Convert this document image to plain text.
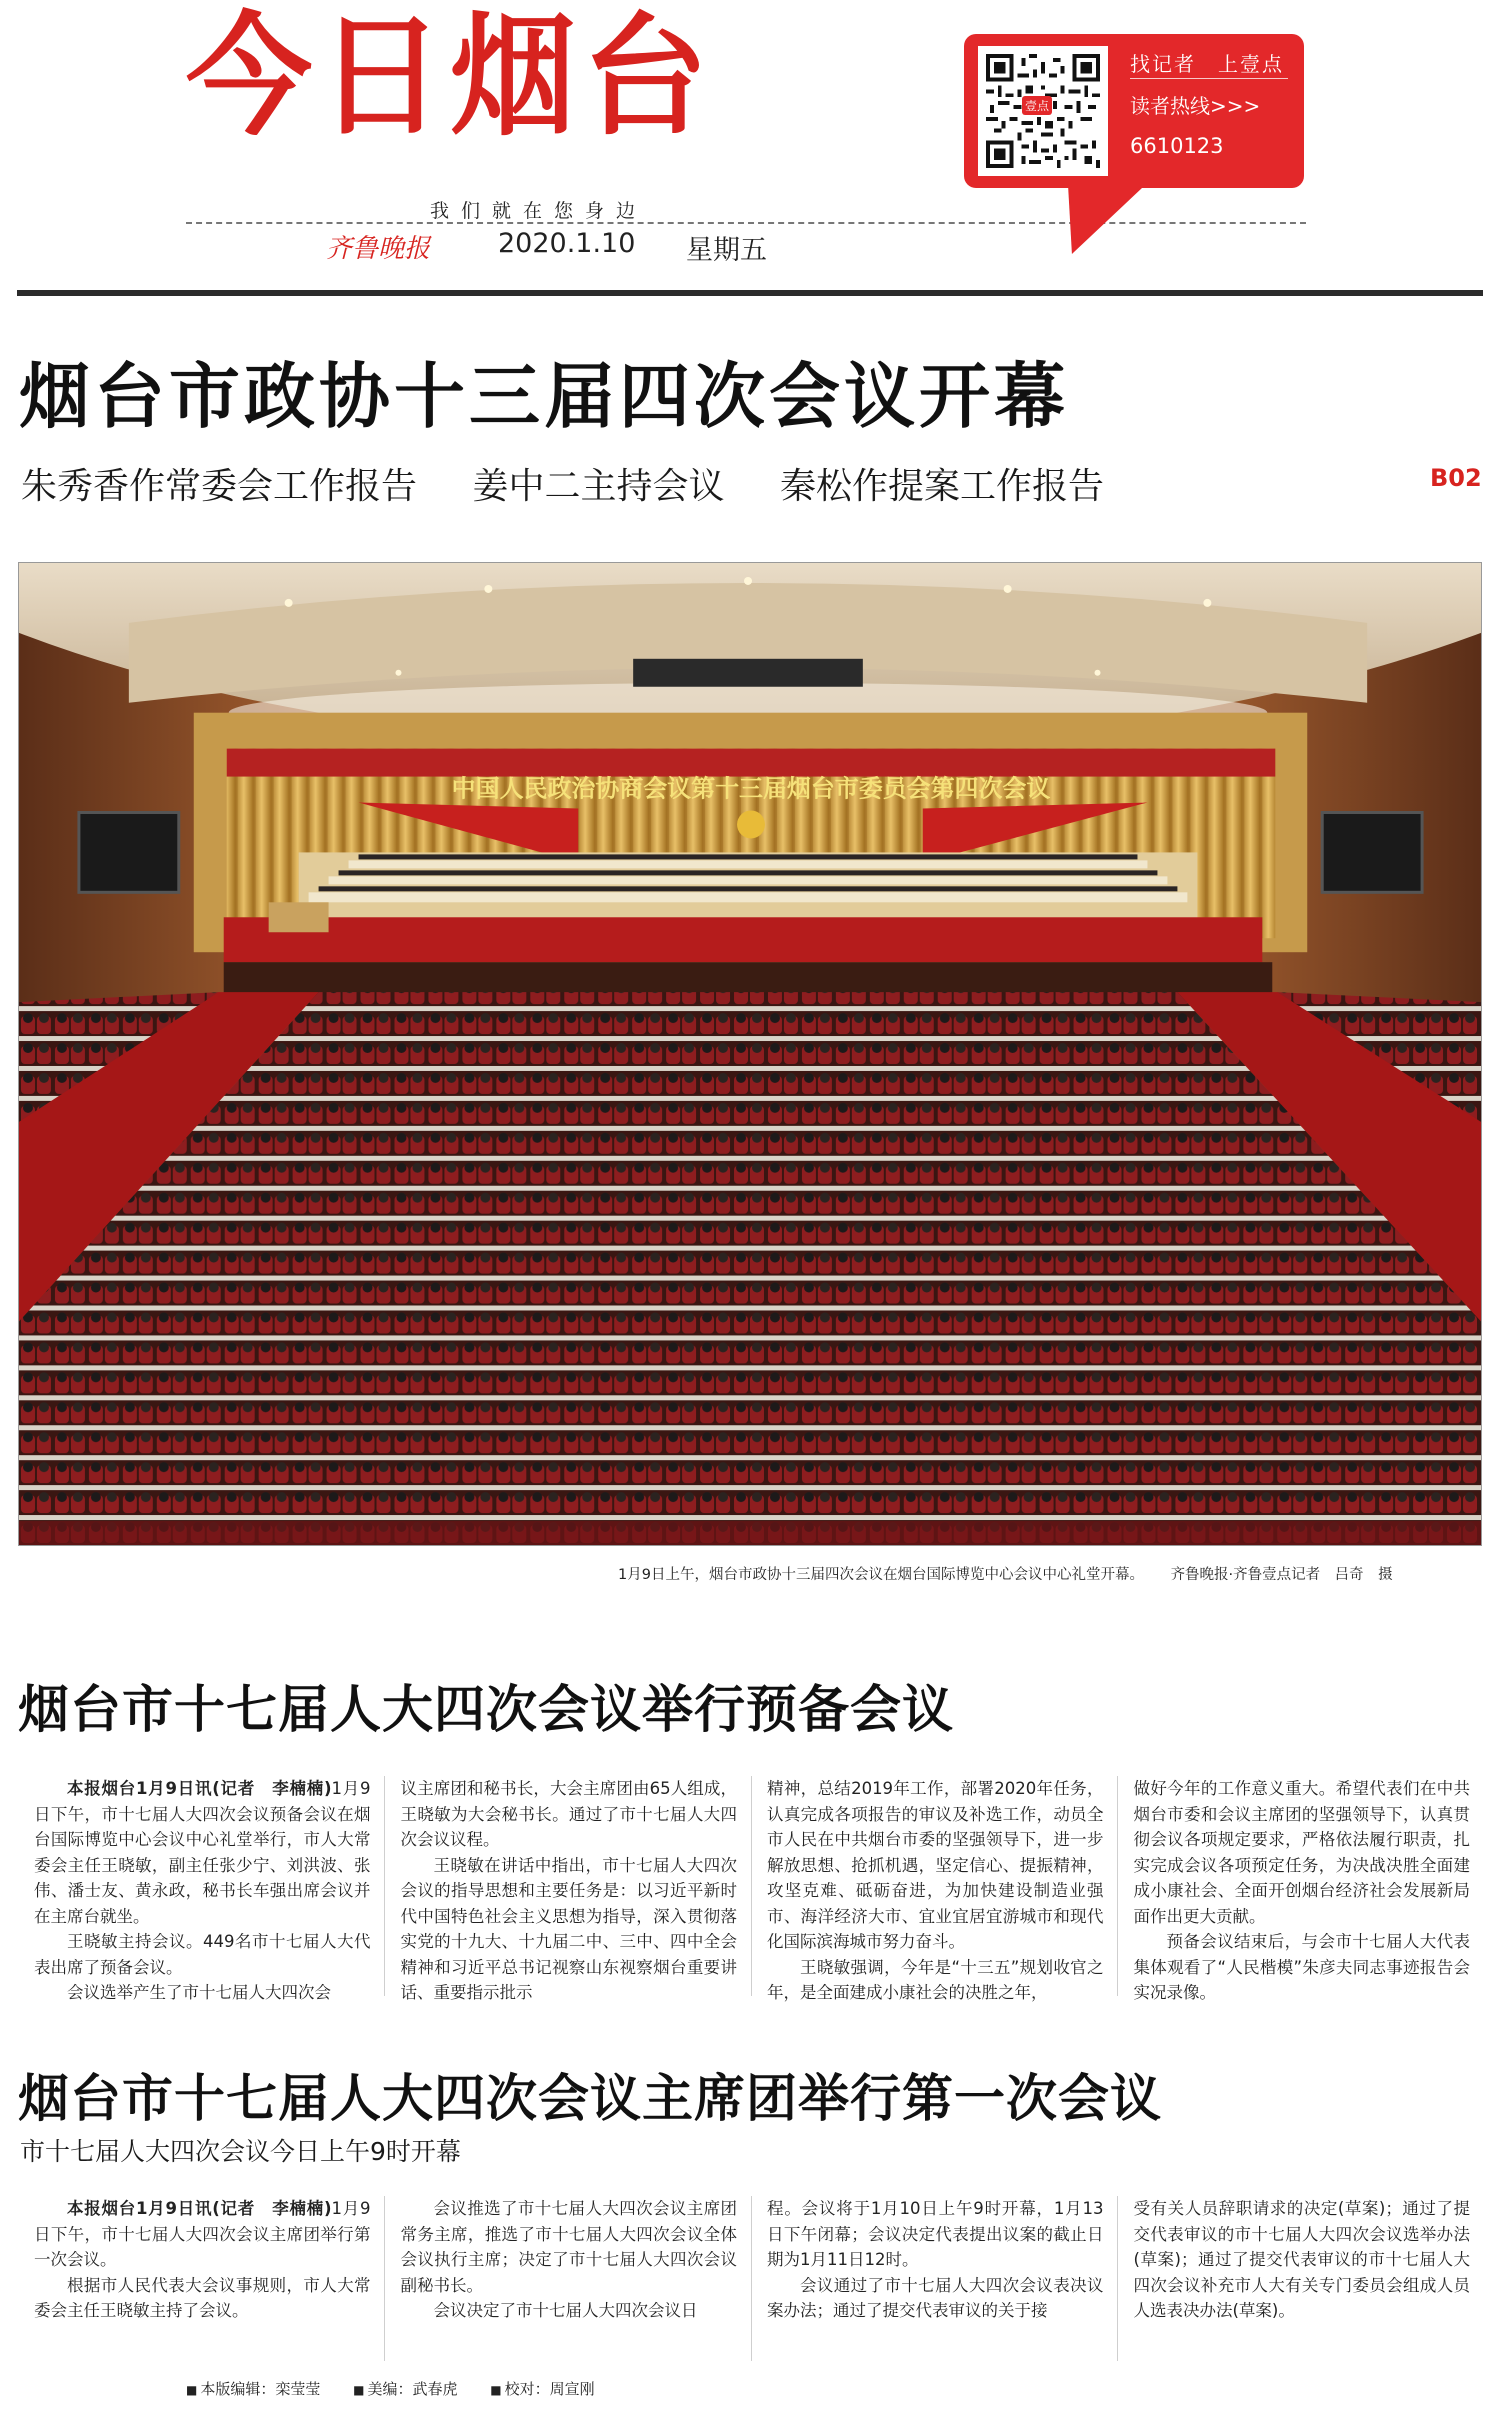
今日烟台
我们就在您身边
齐鲁晚报	2020.1.10 星期五
壹点
找记者　上壹点
读者热线>>>
6610123
烟台市政协十三届四次会议开幕
朱秀香作常委会工作报告 姜中二主持会议 秦松作提案工作报告	B02
中国人民政治协商会议第十三届烟台市委员会第四次会议
1月9日上午，烟台市政协十三届四次会议在烟台国际博览中心会议中心礼堂开幕。 齐鲁晚报·齐鲁壹点记者　吕奇　摄
烟台市十七届人大四次会议举行预备会议

本报烟台1月9日讯(记者　李楠楠)1月9日下午，市十七届人大四次会议预备会议在烟台国际博览中心会议中心礼堂举行，市人大常委会主任王晓敏，副主任张少宁、刘洪波、张伟、潘士友、黄永政，秘书长车强出席会议并在主席台就坐。

王晓敏主持会议。449名市十七届人大代表出席了预备会议。

会议选举产生了市十七届人大四次会

议主席团和秘书长，大会主席团由65人组成，王晓敏为大会秘书长。通过了市十七届人大四次会议议程。

王晓敏在讲话中指出，市十七届人大四次会议的指导思想和主要任务是：以习近平新时代中国特色社会主义思想为指导，深入贯彻落实党的十九大、十九届二中、三中、四中全会精神和习近平总书记视察山东视察烟台重要讲话、重要指示批示

精神，总结2019年工作，部署2020年任务，认真完成各项报告的审议及补选工作，动员全市人民在中共烟台市委的坚强领导下，进一步解放思想、抢抓机遇，坚定信心、提振精神，攻坚克难、砥砺奋进，为加快建设制造业强市、海洋经济大市、宜业宜居宜游城市和现代化国际滨海城市努力奋斗。

王晓敏强调，今年是“十三五”规划收官之年，是全面建成小康社会的决胜之年，

做好今年的工作意义重大。希望代表们在中共烟台市委和会议主席团的坚强领导下，认真贯彻会议各项规定要求，严格依法履行职责，扎实完成会议各项预定任务，为决战决胜全面建成小康社会、全面开创烟台经济社会发展新局面作出更大贡献。

预备会议结束后，与会市十七届人大代表集体观看了“人民楷模”朱彦夫同志事迹报告会实况录像。

烟台市十七届人大四次会议主席团举行第一次会议
市十七届人大四次会议今日上午9时开幕

本报烟台1月9日讯(记者　李楠楠)1月9日下午，市十七届人大四次会议主席团举行第一次会议。

根据市人民代表大会议事规则，市人大常委会主任王晓敏主持了会议。

会议推选了市十七届人大四次会议主席团常务主席，推选了市十七届人大四次会议全体会议执行主席；决定了市十七届人大四次会议副秘书长。

会议决定了市十七届人大四次会议日

程。会议将于1月10日上午9时开幕，1月13日下午闭幕；会议决定代表提出议案的截止日期为1月11日12时。

会议通过了市十七届人大四次会议表决议案办法；通过了提交代表审议的关于接

受有关人员辞职请求的决定(草案)；通过了提交代表审议的市十七届人大四次会议选举办法(草案)；通过了提交代表审议的市十七届人大四次会议补充市人大有关专门委员会组成人员人选表决办法(草案)。

■ 本版编辑：栾莹莹	■ 美编：武春虎	■ 校对：周宣刚
